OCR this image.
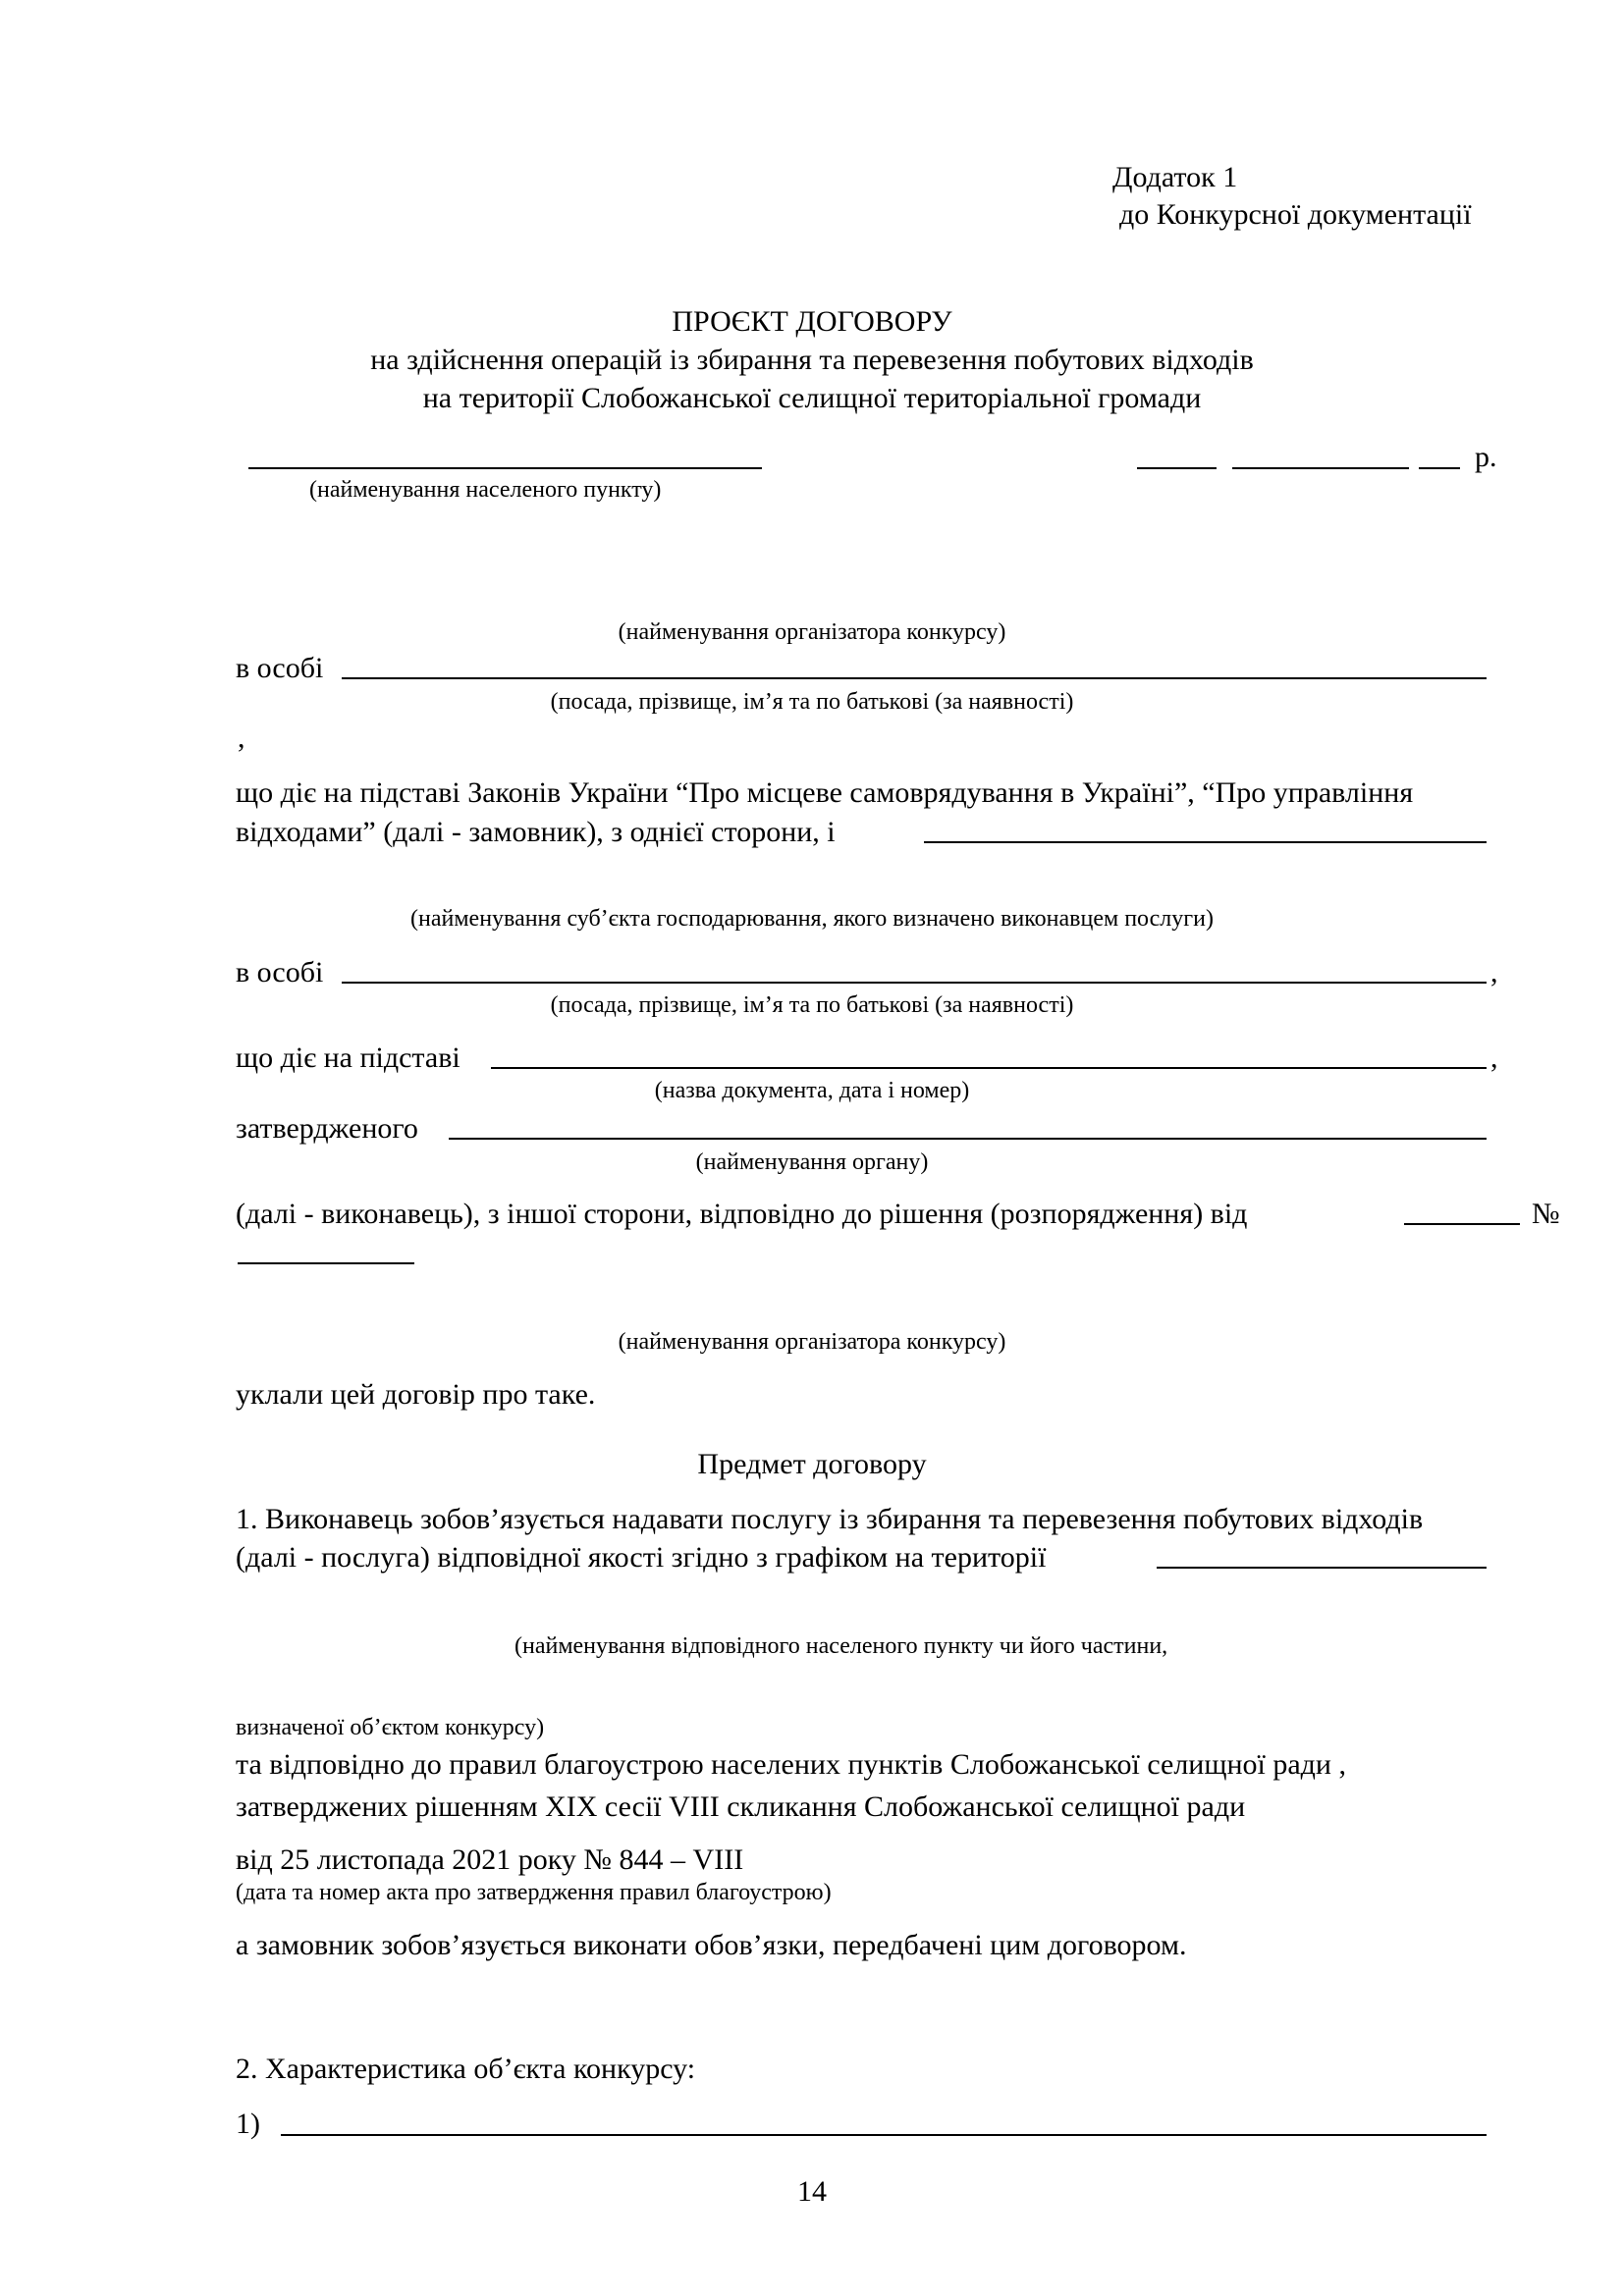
Додаток 1
до Конкурсної документації
ПРОЄКТ ДОГОВОРУ
на здійснення операцій із збирання та перевезення побутових відходів
на території Слобожанської селищної територіальної громади
(найменування населеного пункту)
р.
(найменування організатора конкурсу)
в особі
(посада, прізвище, ім’я та по батькові (за наявності)
,
що діє на підставі Законів України “Про місцеве самоврядування в Україні”, “Про управління
відходами” (далі - замовник), з однієї сторони, і
(найменування суб’єкта господарювання, якого визначено виконавцем послуги)
в особі	,
(посада, прізвище, ім’я та по батькові (за наявності)
що діє на підставі	,
(назва документа, дата і номер)
затвердженого
(найменування органу)
(далі - виконавець), з іншої сторони, відповідно до рішення (розпорядження) від	№
(найменування організатора конкурсу)
уклали цей договір про таке.
Предмет договору
1. Виконавець зобов’язується надавати послугу із збирання та перевезення побутових відходів
(далі - послуга) відповідної якості згідно з графіком на території
(найменування відповідного населеного пункту чи його частини,
визначеної об’єктом конкурсу)
та відповідно до правил благоустрою населених пунктів Слобожанської селищної ради ,
затверджених рішенням XIX сесії VIII скликання Слобожанської селищної ради
від 25 листопада 2021 року № 844 – VIII
(дата та номер акта про затвердження правил благоустрою)
а замовник зобов’язується виконати обов’язки, передбачені цим договором.
2. Характеристика об’єкта конкурсу:
1)
14
